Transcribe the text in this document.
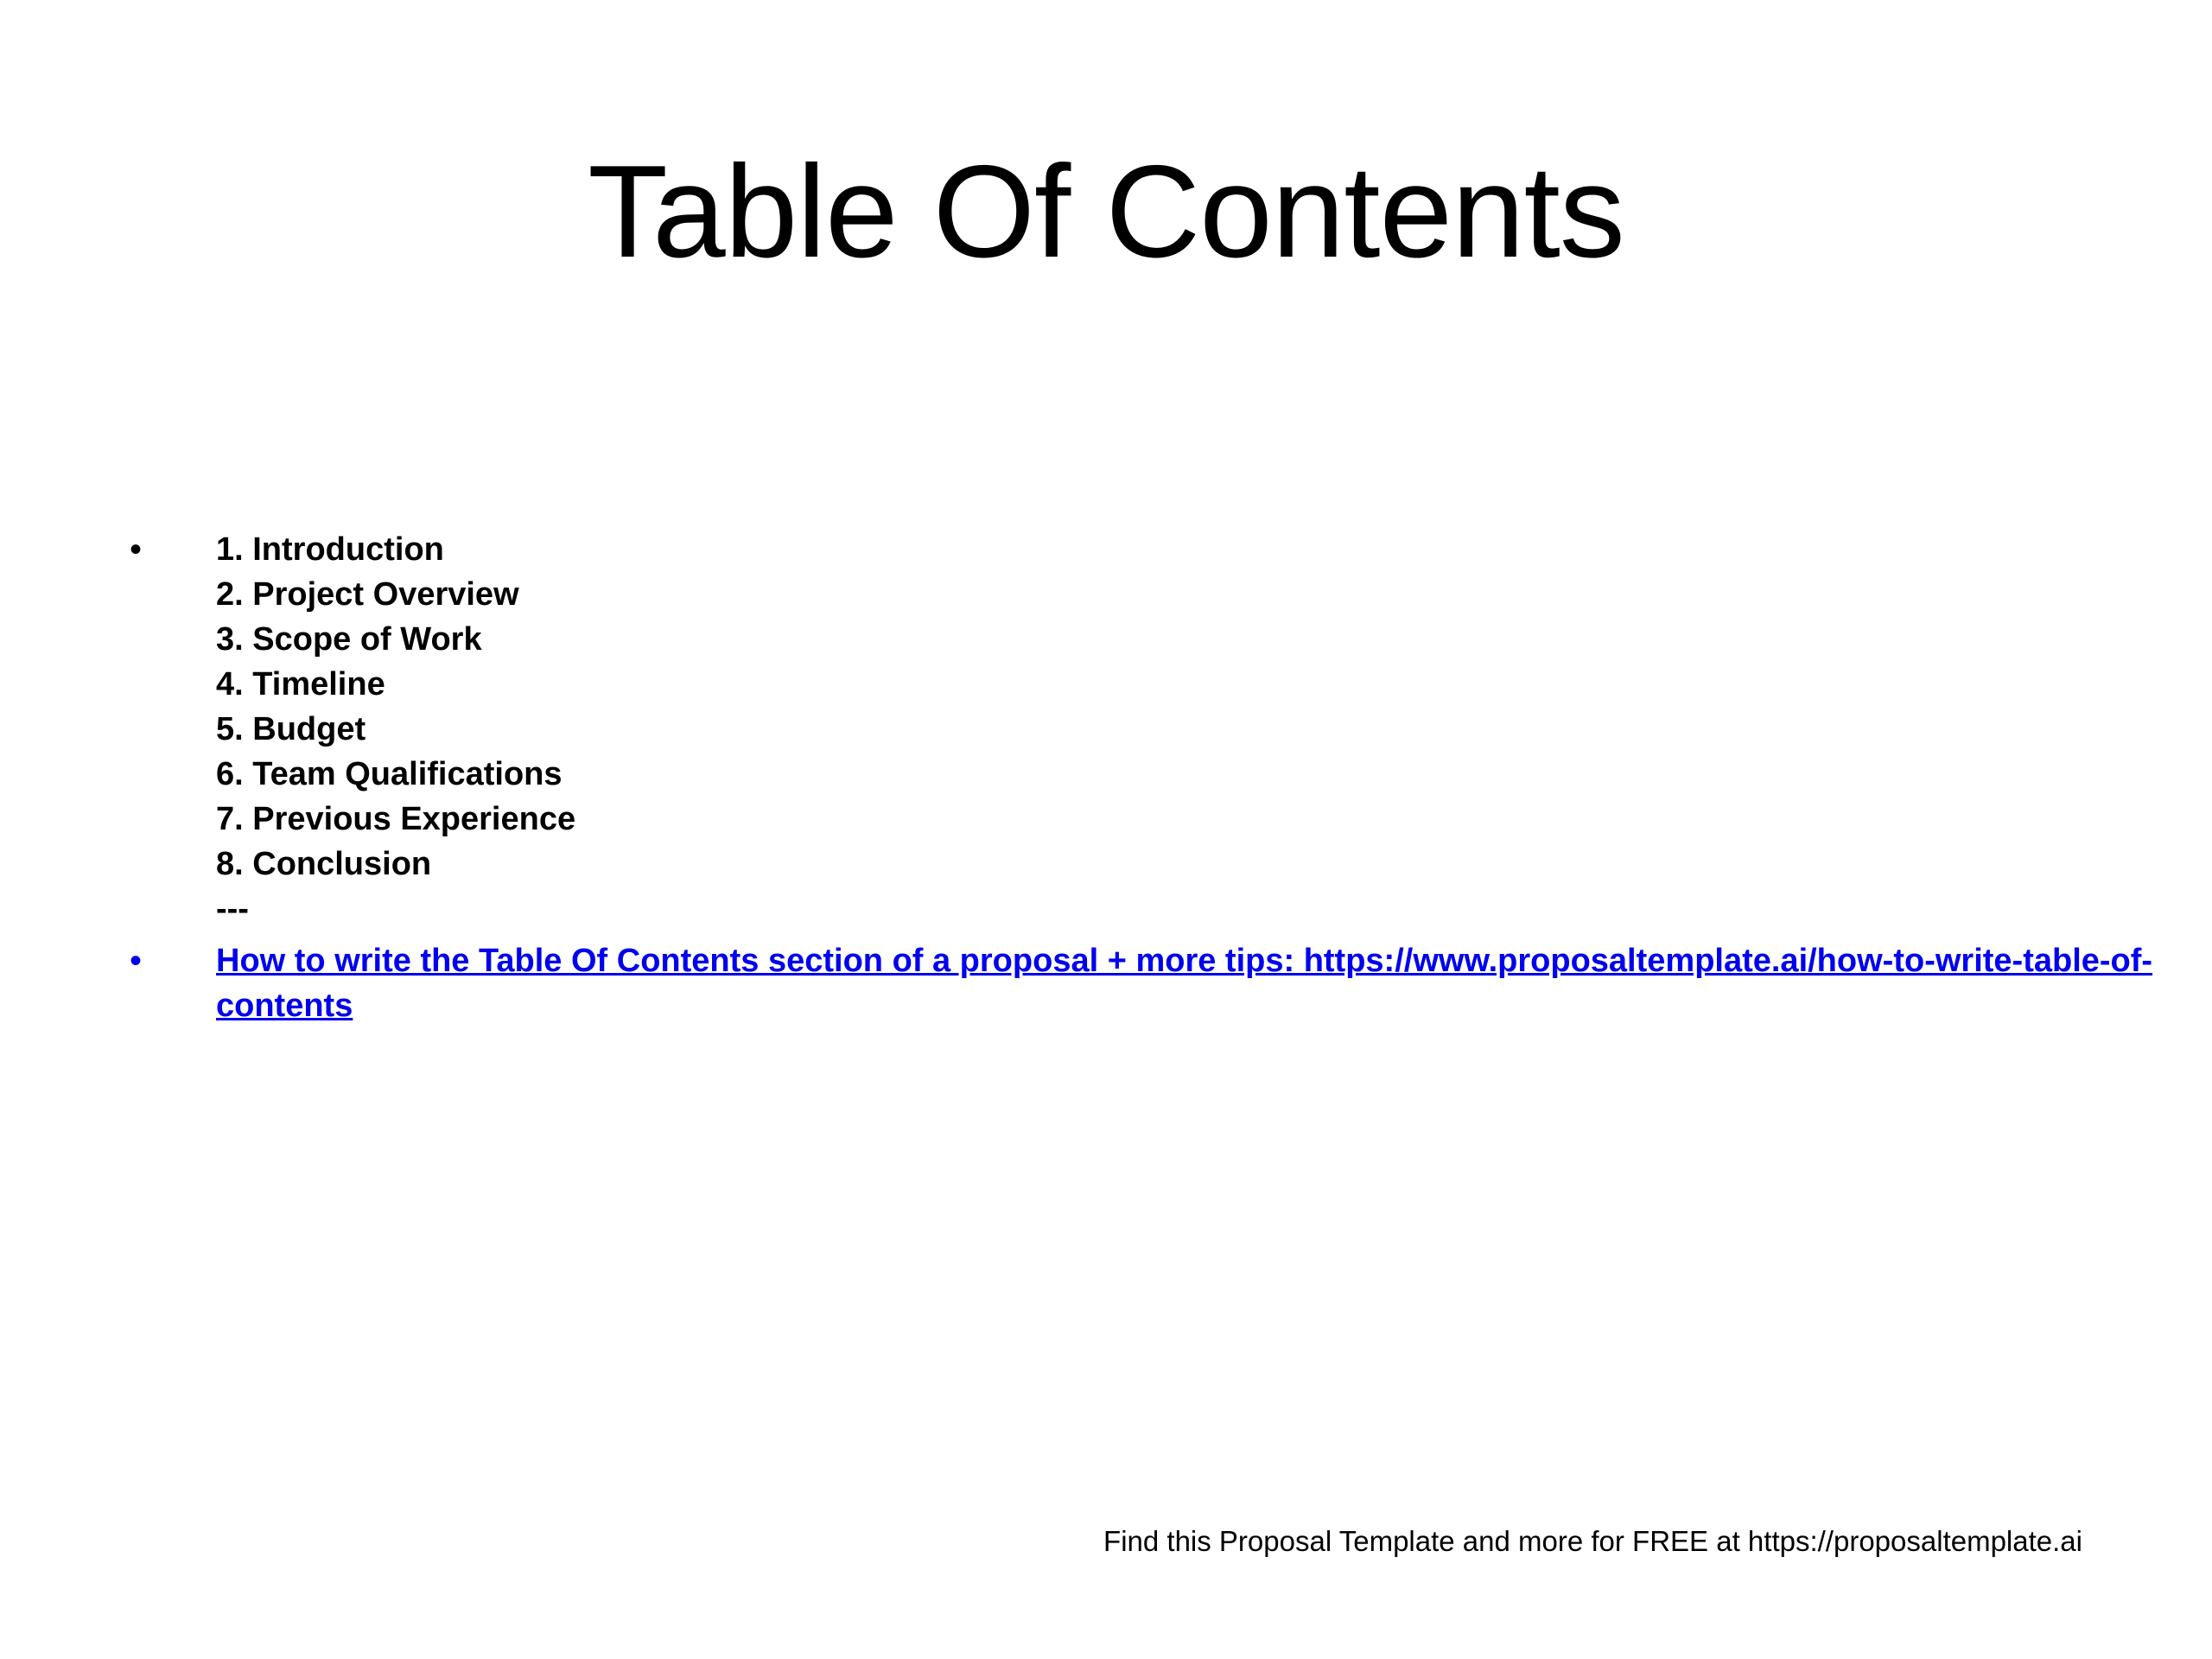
Table Of Contents
•	1. Introduction
2. Project Overview
3. Scope of Work
4. Timeline
5. Budget
6. Team Qualifications
7. Previous Experience
8. Conclusion
---
•	How to write the Table Of Contents section of a proposal + more tips: https://www.proposaltemplate.ai/how-to-write-table-of-contents
Find this Proposal Template and more for FREE at https://proposaltemplate.ai
